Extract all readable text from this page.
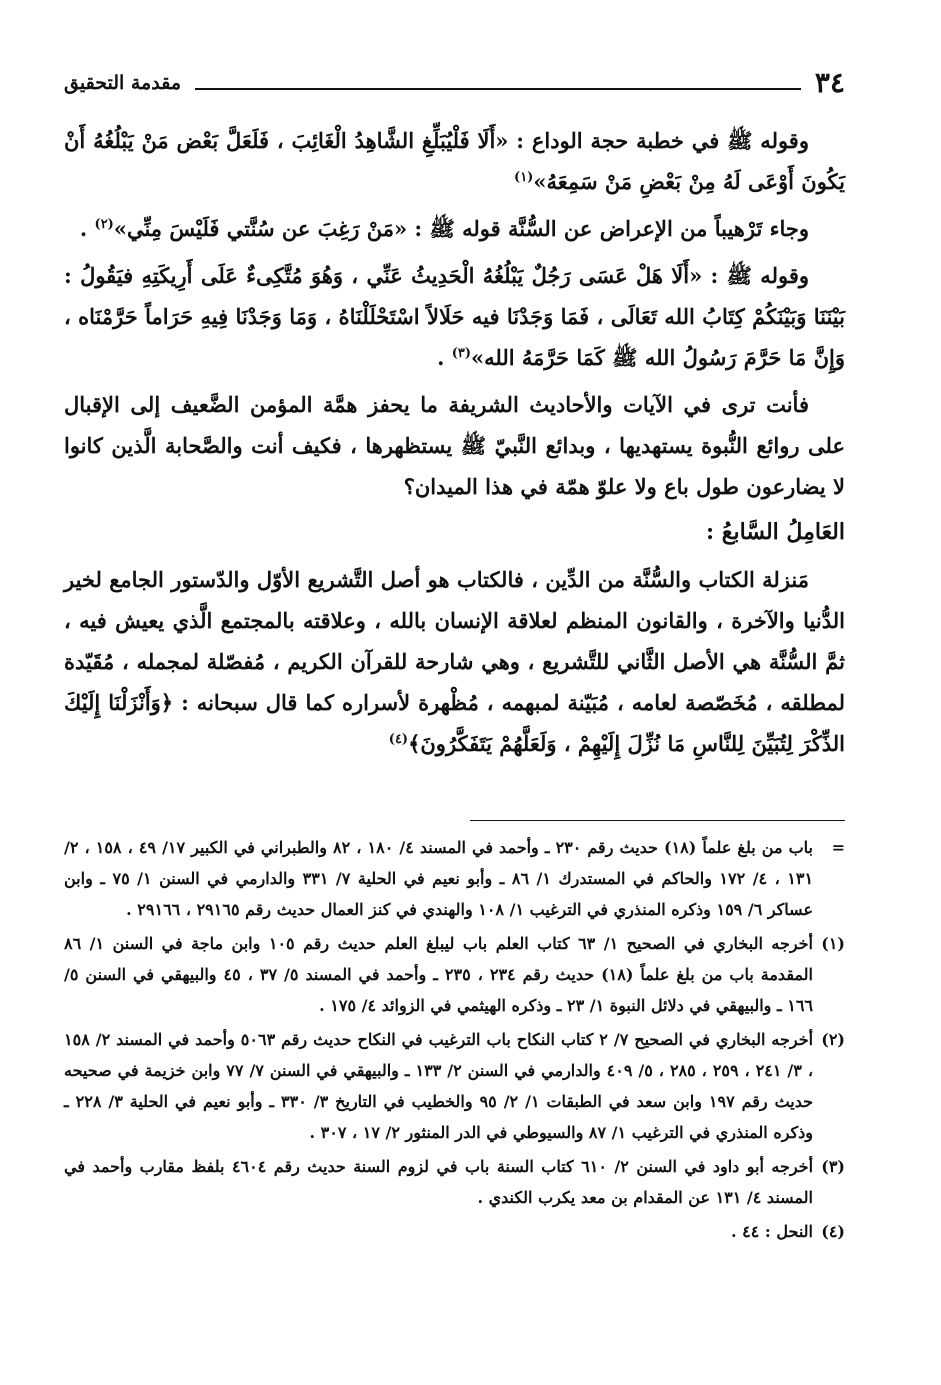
٣٤
مقدمة التحقيق

وقوله ﷺ في خطبة حجة الوداع : «أَلَا فَلْيُبَلِّغِ الشَّاهِدُ الْغَائِبَ ، فَلَعَلَّ بَعْض مَنْ يَبْلُغُهُ أَنْ يَكُونَ أَوْعَى لَهُ مِنْ بَعْضِ مَنْ سَمِعَهُ»$^{(١)}$

وجاء تَرْهيباً من الإعراض عن السُّنَّة قوله ﷺ : «مَنْ رَغِبَ عن سُنَّتي فَلَيْسَ مِنِّي»$^{(٢)}$ .

وقوله ﷺ : «أَلَا هَلْ عَسَى رَجُلٌ يَبْلُغُهُ الْحَدِيثُ عَنِّي ، وَهُوَ مُتَّكِىءٌ عَلَى أَرِيكَتِهِ فيَقُولُ : بَيْنَنَا وَبَيْنَكُمْ كِتَابُ الله تَعَالَى ، فَمَا وَجَدْنَا فيه حَلَالاً اسْتَحْلَلْنَاهُ ، وَمَا وَجَدْنَا فِيهِ حَرَاماً حَرَّمْنَاه ، وَإِنَّ مَا حَرَّمَ رَسُولُ الله ﷺ كَمَا حَرَّمَهُ الله»$^{(٣)}$ .

فأنت ترى في الآيات والأحاديث الشريفة ما يحفز همَّة المؤمن الضَّعيف إلى الإقبال على روائع النُّبوة يستهديها ، وبدائع النَّبيّ ﷺ يستظهرها ، فكيف أنت والصَّحابة الَّذين كانوا لا يضارعون طول باع ولا علوّ همّة في هذا الميدان؟

العَامِلُ السَّابعُ :

مَنزلة الكتاب والسُّنَّة من الدِّين ، فالكتاب هو أصل التَّشريع الأوّل والدّستور الجامع لخير الدُّنيا والآخرة ، والقانون المنظم لعلاقة الإنسان بالله ، وعلاقته بالمجتمع الَّذي يعيش فيه ، ثمَّ السُّنَّة هي الأصل الثَّاني للتَّشريع ، وهي شارحة للقرآن الكريم ، مُفصّلة لمجمله ، مُقَيّدة لمطلقه ، مُخَصّصة لعامه ، مُبَيّنة لمبهمه ، مُظْهرة لأسراره كما قال سبحانه : ﴿وَأَنْزَلْنَا إِلَيْكَ الذِّكْرَ لِتُبَيِّنَ لِلنَّاسِ مَا نُزِّلَ إِلَيْهِمْ ، وَلَعَلَّهُمْ يَتَفَكَّرُونَ﴾$^{(٤)}$

=
باب من بلغ علماً (١٨) حديث رقم ٢٣٠ ـ وأحمد في المسند ٤/ ١٨٠ ، ٨٢ والطبراني في الكبير ١٧/ ٤٩ ، ١٥٨ ، ٢/ ١٣١ ، ٤/ ١٧٢ والحاكم في المستدرك ١/ ٨٦ ـ وأبو نعيم في الحلية ٧/ ٣٣١ والدارمي في السنن ١/ ٧٥ ـ وابن عساكر ٦/ ١٥٩ وذكره المنذري في الترغيب ١/ ١٠٨ والهندي في كنز العمال حديث رقم ٢٩١٦٥ ، ٢٩١٦٦ .
(١)
أخرجه البخاري في الصحيح ١/ ٦٣ كتاب العلم باب ليبلغ العلم حديث رقم ١٠٥ وابن ماجة في السنن ١/ ٨٦ المقدمة باب من بلغ علماً (١٨) حديث رقم ٢٣٤ ، ٢٣٥ ـ وأحمد في المسند ٥/ ٣٧ ، ٤٥ والبيهقي في السنن ٥/ ١٦٦ ـ والبيهقي في دلائل النبوة ١/ ٢٣ ـ وذكره الهيثمي في الزوائد ٤/ ١٧٥ .
(٢)
أخرجه البخاري في الصحيح ٧/ ٢ كتاب النكاح باب الترغيب في النكاح حديث رقم ٥٠٦٣ وأحمد في المسند ٢/ ١٥٨ ، ٣/ ٢٤١ ، ٢٥٩ ، ٢٨٥ ، ٥/ ٤٠٩ والدارمي في السنن ٢/ ١٣٣ ـ والبيهقي في السنن ٧/ ٧٧ وابن خزيمة في صحيحه حديث رقم ١٩٧ وابن سعد في الطبقات ١/ ٢/ ٩٥ والخطيب في التاريخ ٣/ ٣٣٠ ـ وأبو نعيم في الحلية ٣/ ٢٢٨ ـ وذكره المنذري في الترغيب ١/ ٨٧ والسيوطي في الدر المنثور ٢/ ١٧ ، ٣٠٧ .
(٣)
أخرجه أبو داود في السنن ٢/ ٦١٠ كتاب السنة باب في لزوم السنة حديث رقم ٤٦٠٤ بلفظ مقارب وأحمد في المسند ٤/ ١٣١ عن المقدام بن معد يكرب الكندي .
(٤)
النحل : ٤٤ .
